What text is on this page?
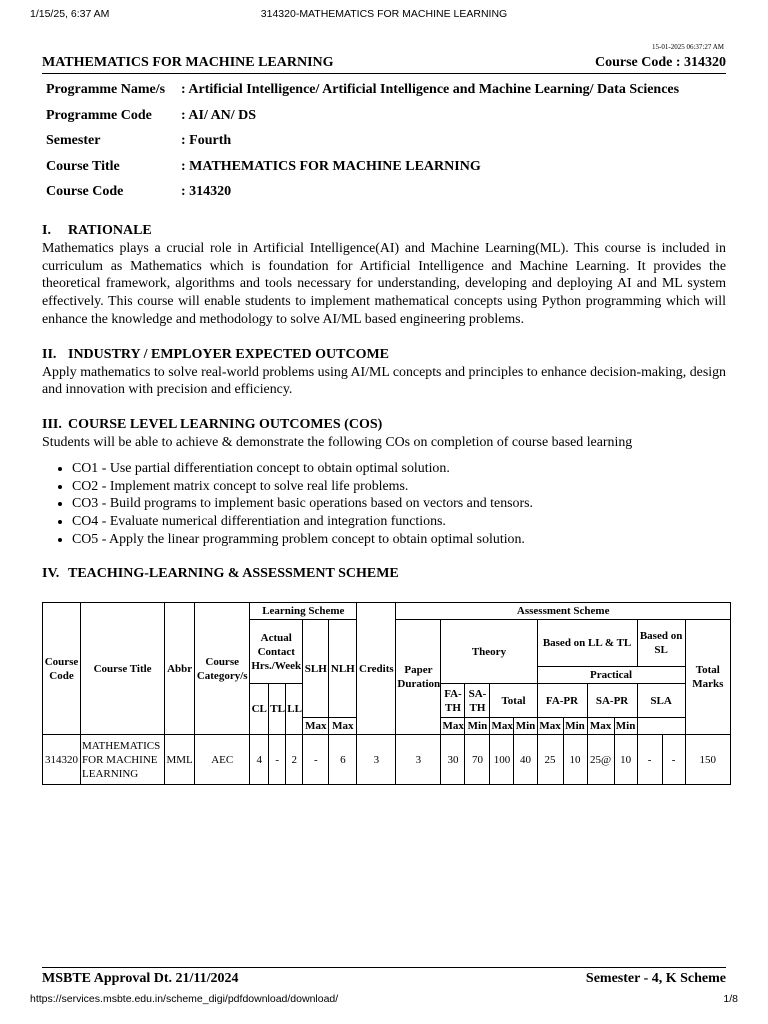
1/15/25, 6:37 AM	314320-MATHEMATICS FOR MACHINE LEARNING
15-01-2025 06:37:27 AM
MATHEMATICS FOR MACHINE LEARNING	Course Code : 314320
Programme Name/s	: Artificial Intelligence/ Artificial Intelligence and Machine Learning/ Data Sciences
Programme Code	: AI/ AN/ DS
Semester	: Fourth
Course Title	: MATHEMATICS FOR MACHINE LEARNING
Course Code	: 314320
I. RATIONALE

Mathematics plays a crucial role in Artificial Intelligence(AI) and Machine Learning(ML). This course is included in curriculum as Mathematics which is foundation for Artificial Intelligence and Machine Learning. It provides the theoretical framework, algorithms and tools necessary for understanding, developing and deploying AI and ML system effectively. This course will enable students to implement mathematical concepts using Python programming which will enhance the knowledge and methodology to solve AI/ML based engineering problems.

II. INDUSTRY / EMPLOYER EXPECTED OUTCOME

Apply mathematics to solve real-world problems using AI/ML concepts and principles to enhance decision-making, design and innovation with precision and efficiency.

III. COURSE LEVEL LEARNING OUTCOMES (COS)

Students will be able to achieve & demonstrate the following COs on completion of course based learning

• CO1 - Use partial differentiation concept to obtain optimal solution.
• CO2 - Implement matrix concept to solve real life problems.
• CO3 - Build programs to implement basic operations based on vectors and tensors.
• CO4 - Evaluate numerical differentiation and integration functions.
• CO5 - Apply the linear programming problem concept to obtain optimal solution.
IV. TEACHING-LEARNING & ASSESSMENT SCHEME
Course Code	Course Title	Abbr	Course Category/s	Learning Scheme					Credits	Assessment Scheme											
				Actual Contact Hrs./Week			SLH	NLH		Paper Duration	Theory				Based on LL & TL				Based on SL		Total Marks
															Practical						
				CL	TL	LL					FA- TH	SA- TH	Total		FA-PR		SA-PR		SLA		
							Max	Max			Max	Min	Max	Min	Max	Min	Max	Min			
314320	MATHEMATICS FOR MACHINE LEARNING	MML	AEC	4	-	2	-	6	3	3	30	70	100	40	25	10	25@	10	-	-	150
MSBTE Approval Dt. 21/11/2024	Semester - 4, K Scheme
https://services.msbte.edu.in/scheme_digi/pdfdownload/download/	1/8
